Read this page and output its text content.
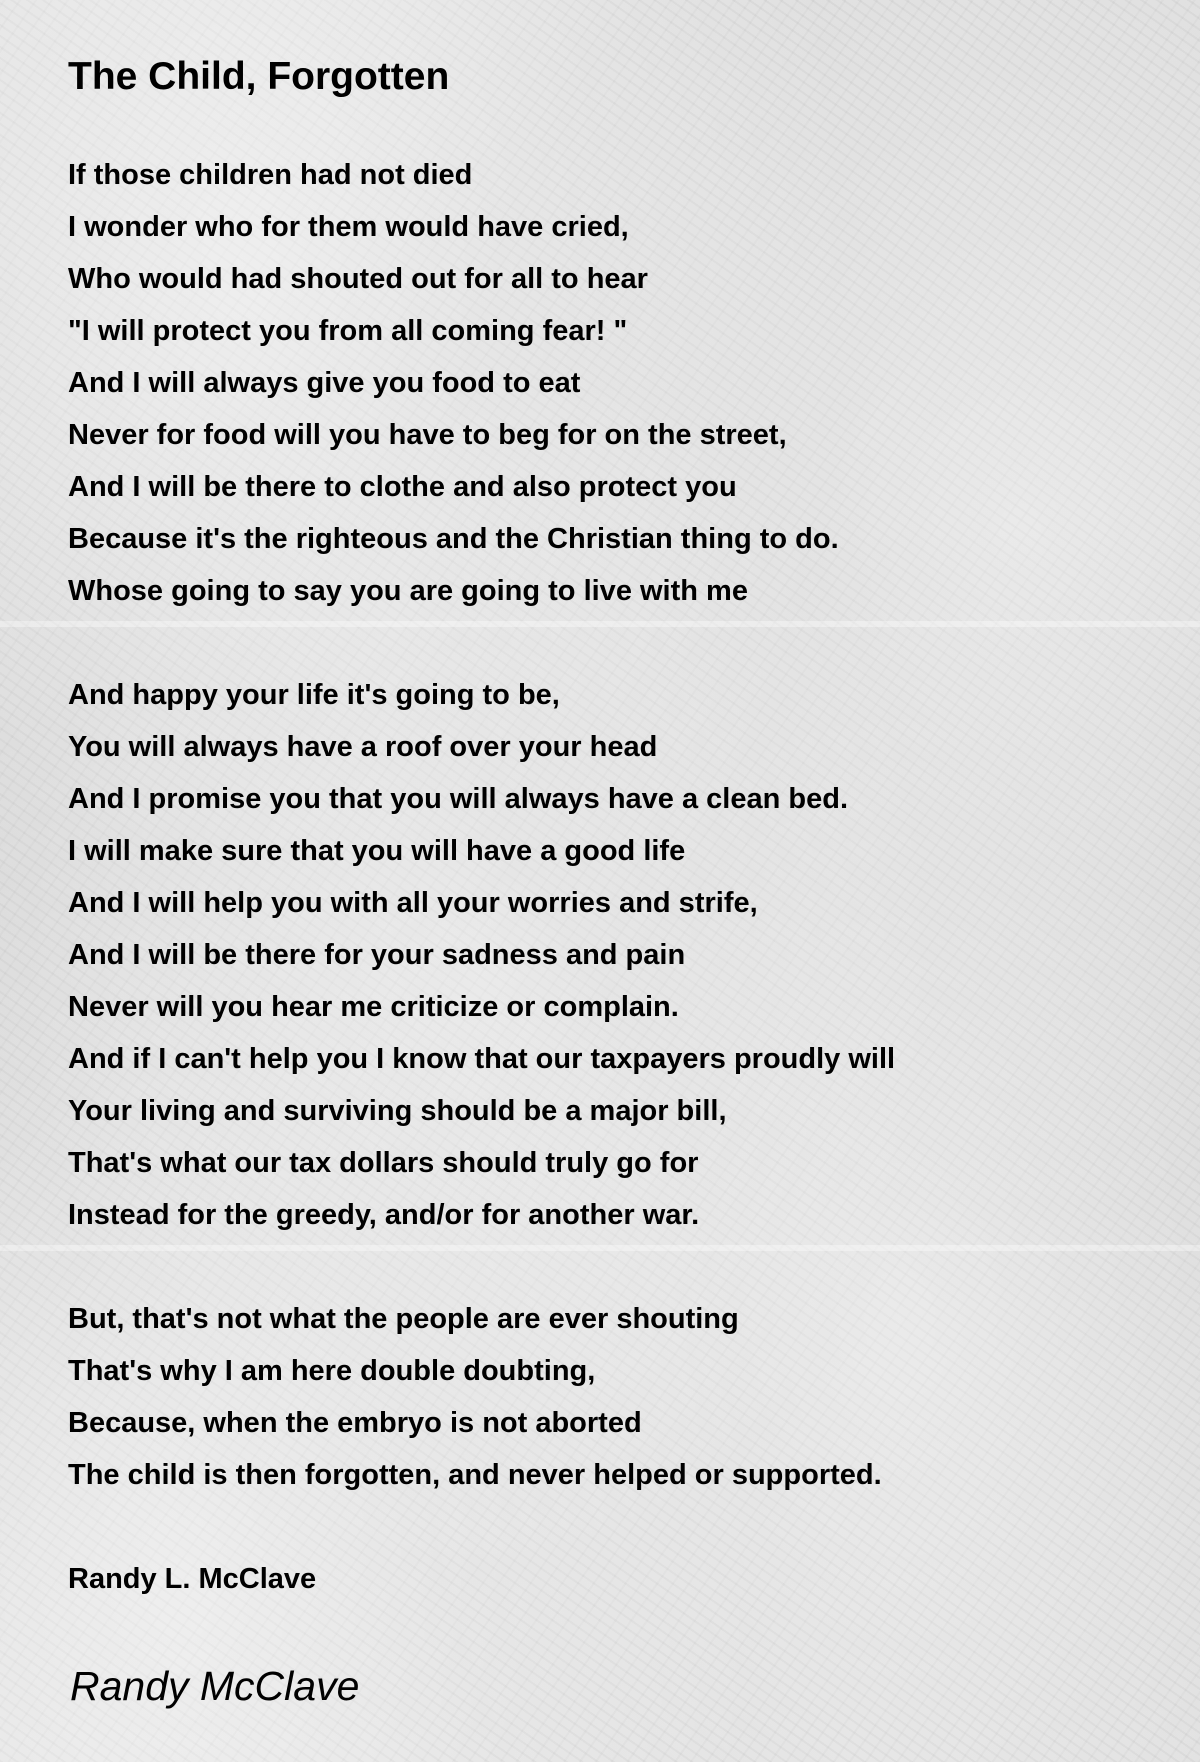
The Child, Forgotten
If those children had not died
I wonder who for them would have cried,
Who would had shouted out for all to hear
"I will protect you from all coming fear! "
And I will always give you food to eat
Never for food will you have to beg for on the street,
And I will be there to clothe and also protect you
Because it's the righteous and the Christian thing to do.
Whose going to say you are going to live with me
And happy your life it's going to be,
You will always have a roof over your head
And I promise you that you will always have a clean bed.
I will make sure that you will have a good life
And I will help you with all your worries and strife,
And I will be there for your sadness and pain
Never will you hear me criticize or complain.
And if I can't help you I know that our taxpayers proudly will
Your living and surviving should be a major bill,
That's what our tax dollars should truly go for
Instead for the greedy, and/or for another war.
But, that's not what the people are ever shouting
That's why I am here double doubting,
Because, when the embryo is not aborted
The child is then forgotten, and never helped or supported.
Randy L. McClave
Randy McClave
